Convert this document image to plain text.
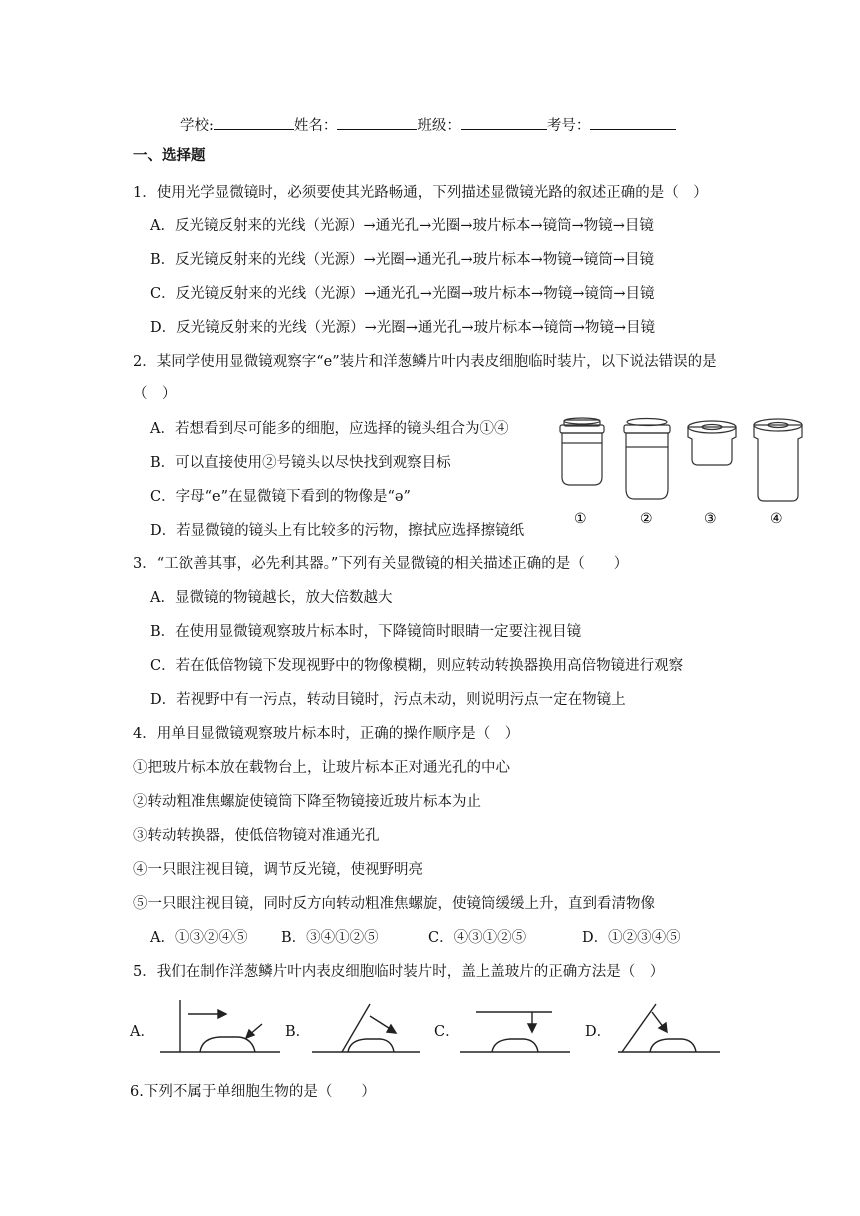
学校:	姓名：	班级：	考号：
一、选择题
1．使用光学显微镜时，必须要使其光路畅通，下列描述显微镜光路的叙述正确的是（　）
A．反光镜反射来的光线（光源）→通光孔→光圈→玻片标本→镜筒→物镜→目镜
B．反光镜反射来的光线（光源）→光圈→通光孔→玻片标本→物镜→镜筒→目镜
C．反光镜反射来的光线（光源）→通光孔→光圈→玻片标本→物镜→镜筒→目镜
D．反光镜反射来的光线（光源）→光圈→通光孔→玻片标本→镜筒→物镜→目镜
2．某同学使用显微镜观察字“e”装片和洋葱鳞片叶内表皮细胞临时装片，以下说法错误的是
（　）
A．若想看到尽可能多的细胞，应选择的镜头组合为①④
B．可以直接使用②号镜头以尽快找到观察目标
C．字母“e”在显微镜下看到的物像是“ə”
D．若显微镜的镜头上有比较多的污物，擦拭应选择擦镜纸
①	②	③	④
3．“工欲善其事，必先利其器。”下列有关显微镜的相关描述正确的是（　　）
A．显微镜的物镜越长，放大倍数越大
B．在使用显微镜观察玻片标本时，下降镜筒时眼睛一定要注视目镜
C．若在低倍物镜下发现视野中的物像模糊，则应转动转换器换用高倍物镜进行观察
D．若视野中有一污点，转动目镜时，污点未动，则说明污点一定在物镜上
4．用单目显微镜观察玻片标本时，正确的操作顺序是（　）
①把玻片标本放在载物台上，让玻片标本正对通光孔的中心
②转动粗准焦螺旋使镜筒下降至物镜接近玻片标本为止
③转动转换器，使低倍物镜对准通光孔
④一只眼注视目镜，调节反光镜，使视野明亮
⑤一只眼注视目镜，同时反方向转动粗准焦螺旋，使镜筒缓缓上升，直到看清物像
A．①③②④⑤ B．③④①②⑤	C．④③①②⑤	D．①②③④⑤
5．我们在制作洋葱鳞片叶内表皮细胞临时装片时，盖上盖玻片的正确方法是（　）
A．	B．	C．	D．
6.下列不属于单细胞生物的是（　　）
